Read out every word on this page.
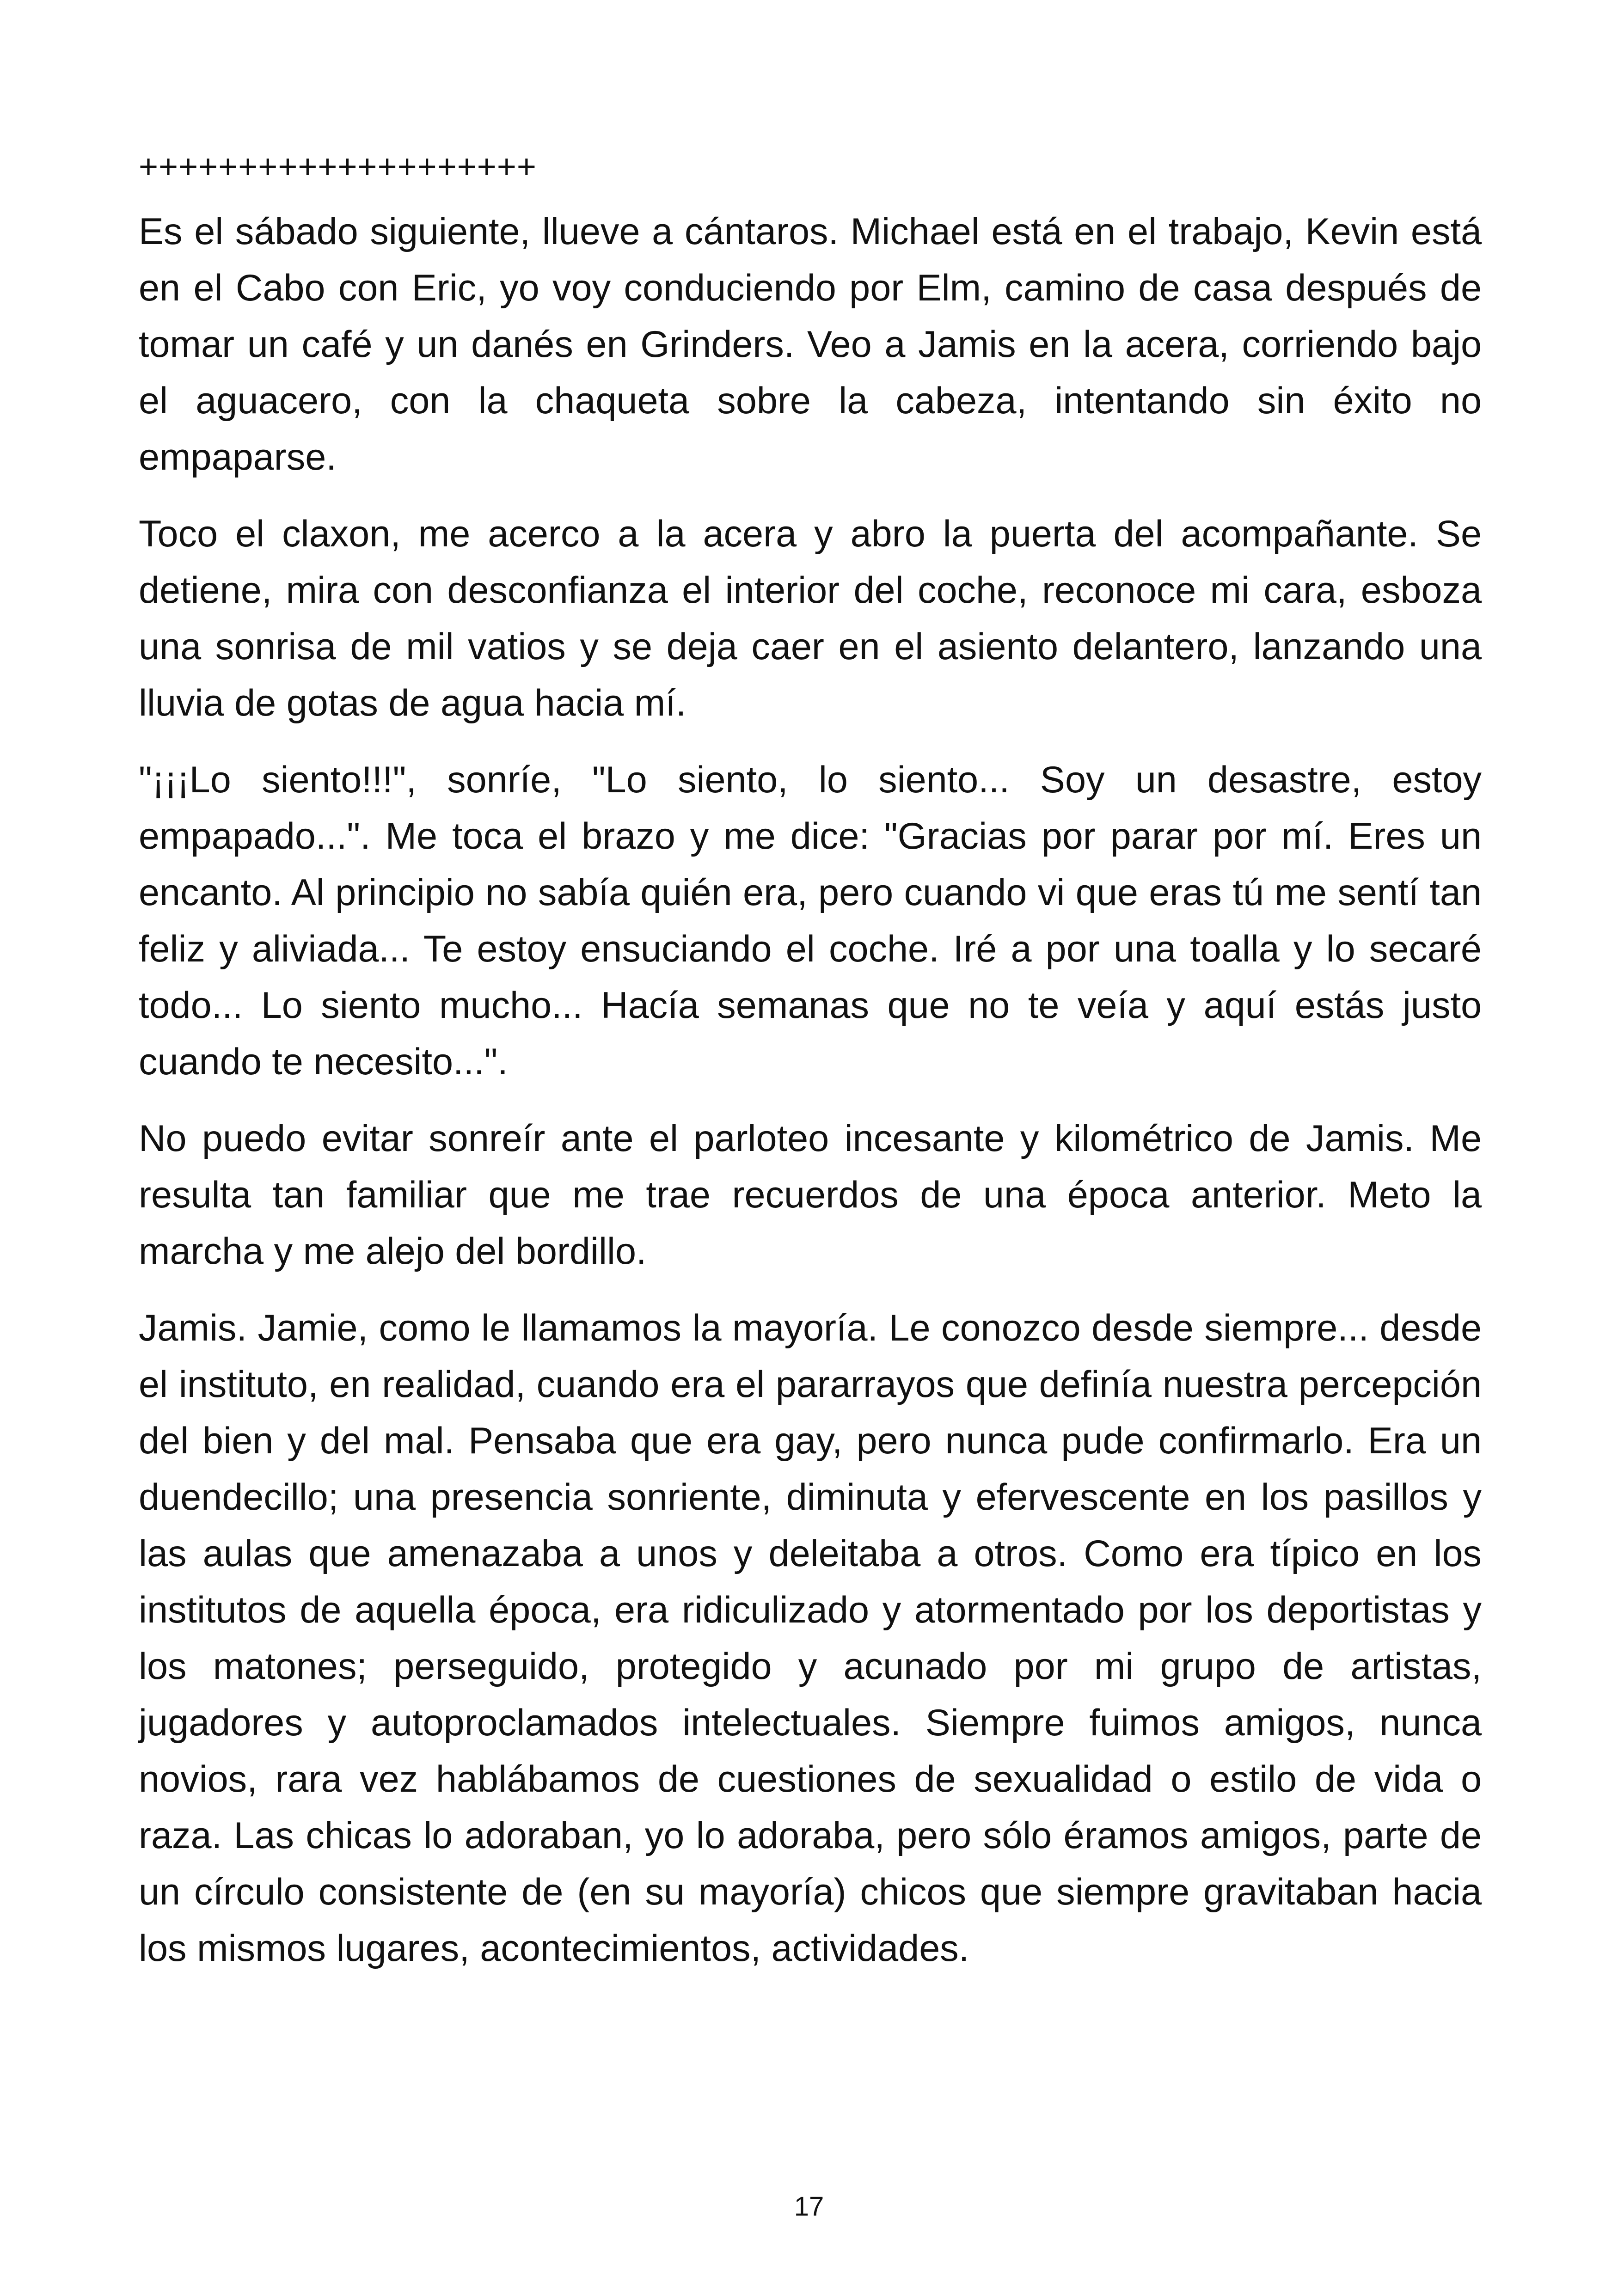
++++++++++++++++++++

Es el sábado siguiente, llueve a cántaros. Michael está en el trabajo, Kevin está en el Cabo con Eric, yo voy conduciendo por Elm, camino de casa después de tomar un café y un danés en Grinders. Veo a Jamis en la acera, corriendo bajo el aguacero, con la chaqueta sobre la cabeza, intentando sin éxito no empaparse.

Toco el claxon, me acerco a la acera y abro la puerta del acompañante. Se detiene, mira con desconfianza el interior del coche, reconoce mi cara, esboza una sonrisa de mil vatios y se deja caer en el asiento delantero, lanzando una lluvia de gotas de agua hacia mí.

"¡¡¡Lo siento!!!", sonríe, "Lo siento, lo siento... Soy un desastre, estoy empapado...". Me toca el brazo y me dice: "Gracias por parar por mí. Eres un encanto. Al principio no sabía quién era, pero cuando vi que eras tú me sentí tan feliz y aliviada... Te estoy ensuciando el coche. Iré a por una toalla y lo secaré todo... Lo siento mucho... Hacía semanas que no te veía y aquí estás justo cuando te necesito...".

No puedo evitar sonreír ante el parloteo incesante y kilométrico de Jamis. Me resulta tan familiar que me trae recuerdos de una época anterior. Meto la marcha y me alejo del bordillo.

Jamis. Jamie, como le llamamos la mayoría. Le conozco desde siempre... desde el instituto, en realidad, cuando era el pararrayos que definía nuestra percepción del bien y del mal. Pensaba que era gay, pero nunca pude confirmarlo. Era un duendecillo; una presencia sonriente, diminuta y efervescente en los pasillos y las aulas que amenazaba a unos y deleitaba a otros. Como era típico en los institutos de aquella época, era ridiculizado y atormentado por los deportistas y los matones; perseguido, protegido y acunado por mi grupo de artistas, jugadores y autoproclamados intelectuales. Siempre fuimos amigos, nunca novios, rara vez hablábamos de cuestiones de sexualidad o estilo de vida o raza. Las chicas lo adoraban, yo lo adoraba, pero sólo éramos amigos, parte de un círculo consistente de (en su mayoría) chicos que siempre gravitaban hacia los mismos lugares, acontecimientos, actividades.

17
